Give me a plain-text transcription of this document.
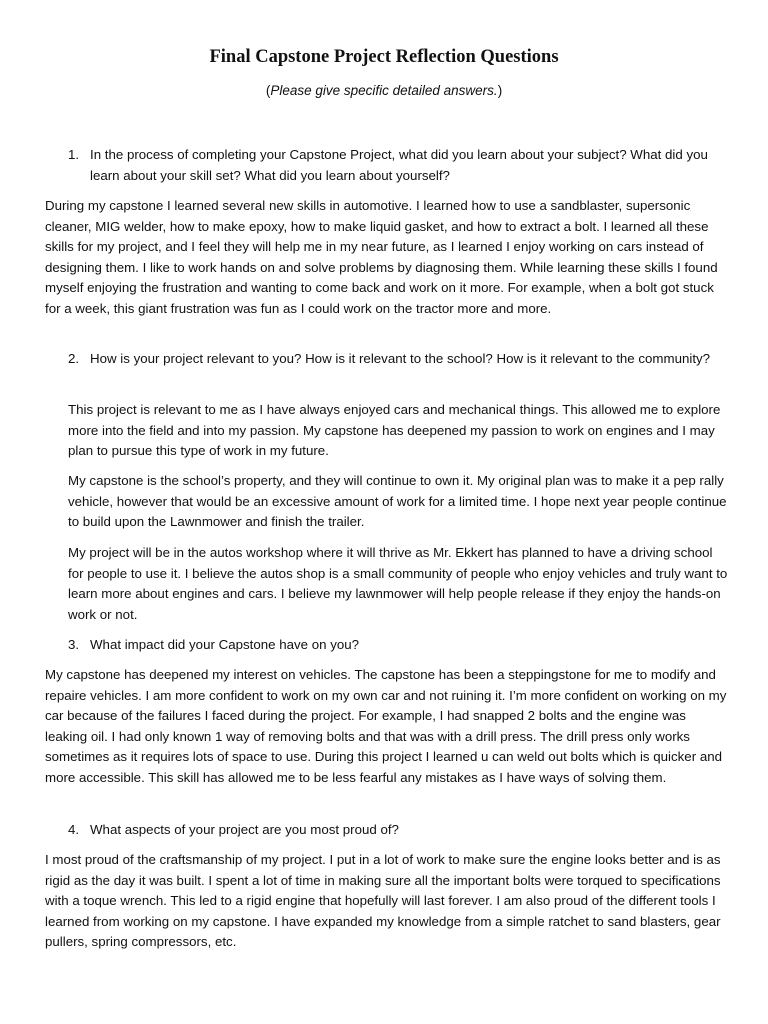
Final Capstone Project Reflection Questions
(Please give specific detailed answers.)
1. In the process of completing your Capstone Project, what did you learn about your subject? What did you learn about your skill set? What did you learn about yourself?

During my capstone I learned several new skills in automotive. I learned how to use a sandblaster, supersonic cleaner, MIG welder, how to make epoxy, how to make liquid gasket, and how to extract a bolt. I learned all these skills for my project, and I feel they will help me in my near future, as I learned I enjoy working on cars instead of designing them. I like to work hands on and solve problems by diagnosing them. While learning these skills I found myself enjoying the frustration and wanting to come back and work on it more. For example, when a bolt got stuck for a week, this giant frustration was fun as I could work on the tractor more and more.

2. How is your project relevant to you? How is it relevant to the school? How is it relevant to the community?

This project is relevant to me as I have always enjoyed cars and mechanical things. This allowed me to explore more into the field and into my passion. My capstone has deepened my passion to work on engines and I may plan to pursue this type of work in my future.

My capstone is the school’s property, and they will continue to own it. My original plan was to make it a pep rally vehicle, however that would be an excessive amount of work for a limited time. I hope next year people continue to build upon the Lawnmower and finish the trailer.

My project will be in the autos workshop where it will thrive as Mr. Ekkert has planned to have a driving school for people to use it. I believe the autos shop is a small community of people who enjoy vehicles and truly want to learn more about engines and cars. I believe my lawnmower will help people release if they enjoy the hands-on work or not.

3. What impact did your Capstone have on you?

My capstone has deepened my interest on vehicles. The capstone has been a steppingstone for me to modify and repaire vehicles. I am more confident to work on my own car and not ruining it. I’m more confident on working on my car because of the failures I faced during the project. For example, I had snapped 2 bolts and the engine was leaking oil. I had only known 1 way of removing bolts and that was with a drill press. The drill press only works sometimes as it requires lots of space to use. During this project I learned u can weld out bolts which is quicker and more accessible. This skill has allowed me to be less fearful any mistakes as I have ways of solving them.

4. What aspects of your project are you most proud of?

I most proud of the craftsmanship of my project. I put in a lot of work to make sure the engine looks better and is as rigid as the day it was built. I spent a lot of time in making sure all the important bolts were torqued to specifications with a toque wrench. This led to a rigid engine that hopefully will last forever. I am also proud of the different tools I learned from working on my capstone. I have expanded my knowledge from a simple ratchet to sand blasters, gear pullers, spring compressors, etc.
